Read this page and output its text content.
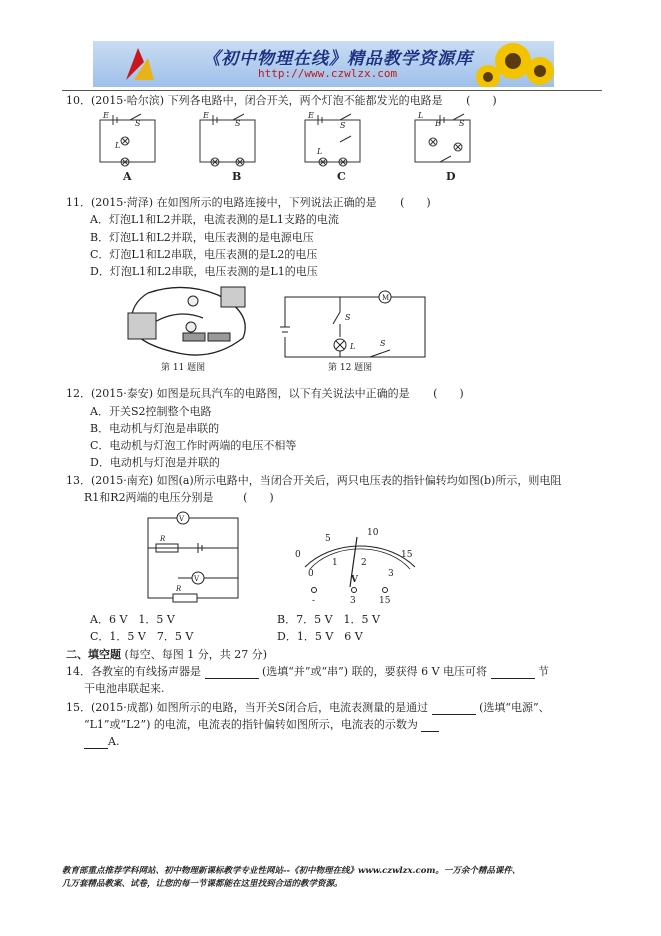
《初中物理在线》精品教学资源库
http://www.czwlzx.com
10．(2015·哈尔滨) 下列各电路中，闭合开关，两个灯泡不能都发光的电路是 (　　)
E
S
L
E
S
E
S
L
L
E S
A	B	C	D
11．(2015·菏泽) 在如图所示的电路连接中，下列说法正确的是 (　　)
A．灯泡L1和L2并联，电流表测的是L1支路的电流
B．灯泡L1和L2并联，电压表测的是电源电压
C．灯泡L1和L2串联，电压表测的是L2的电压
D．灯泡L1和L2串联，电压表测的是L1的电压
第 11 题图
M
S
L	S
第 12 题图
12．(2015·泰安) 如图是玩具汽车的电路图，以下有关说法中正确的是 (　　)
A．开关S2控制整个电路
B．电动机与灯泡是串联的
C．电动机与灯泡工作时两端的电压不相等
D．电动机与灯泡是并联的
13．(2015·南充) 如图(a)所示电路中，当闭合开关后，两只电压表的指针偏转均如图(b)所示，则电阻
R1和R2两端的电压分别是	(　　)
V
R
V
R
0
5
10
15
0
1	2
3
V
-	3	15
A．6 V　1．5 V	B．7．5 V　1．5 V
C．1．5 V　7．5 V	D．1．5 V　6 V
二、填空题 (每空、每图 1 分，共 27 分)
14．各教室的有线扬声器是	(选填“并”或“串”) 联的，要获得 6 V 电压可将	节
干电池串联起来.
15．(2015·成都) 如图所示的电路，当开关S闭合后，电流表测量的是通过	(选填“电源”、
“L1”或“L2”) 的电流，电流表的指针偏转如图所示，电流表的示数为
A.
教育部重点推荐学科网站、初中物理新课标教学专业性网站--《初中物理在线》www.czwlzx.com。一万余个精品课件、
几万套精品教案、试卷，让您的每一节课都能在这里找到合适的教学资源。
